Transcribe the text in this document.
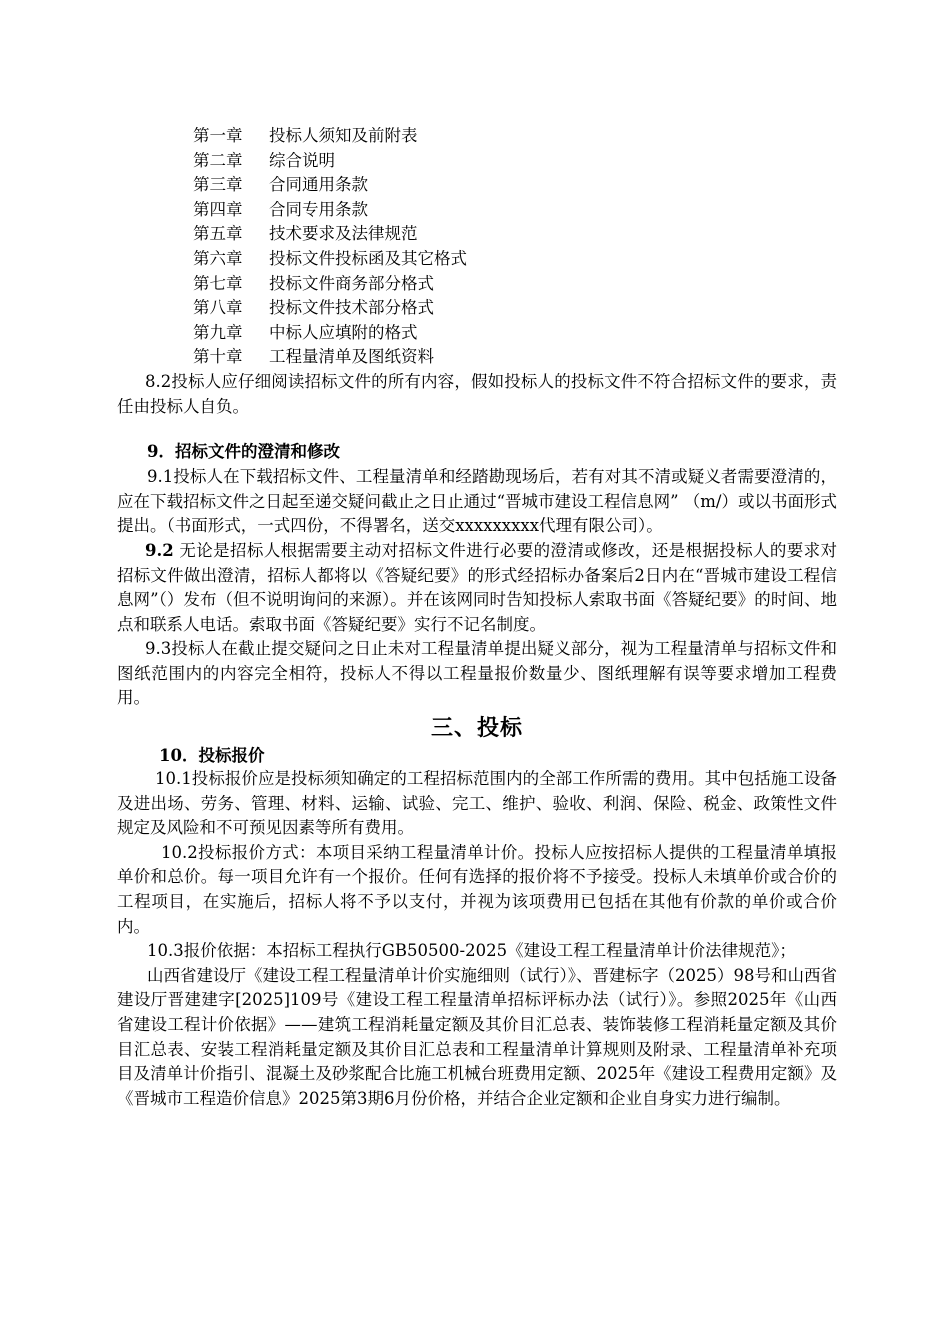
第一章 投标人须知及前附表
第二章 综合说明
第三章 合同通用条款
第四章 合同专用条款
第五章 技术要求及法律规范
第六章 投标文件投标函及其它格式
第七章 投标文件商务部分格式
第八章 投标文件技术部分格式
第九章 中标人应填附的格式
第十章 工程量清单及图纸资料

8.2投标人应仔细阅读招标文件的所有内容，假如投标人的投标文件不符合招标文件的要求，责任由投标人自负。

9．招标文件的澄清和修改

9.1投标人在下载招标文件、工程量清单和经踏勘现场后，若有对其不清或疑义者需要澄清的，应在下载招标文件之日起至递交疑问截止之日止通过“晋城市建设工程信息网” （m/）或以书面形式提出。（书面形式，一式四份，不得署名，送交xxxxxxxxx代理有限公司）。

9.2 无论是招标人根据需要主动对招标文件进行必要的澄清或修改，还是根据投标人的要求对招标文件做出澄清，招标人都将以《答疑纪要》的形式经招标办备案后2日内在“晋城市建设工程信息网”（）发布（但不说明询问的来源）。并在该网同时告知投标人索取书面《答疑纪要》的时间、地点和联系人电话。索取书面《答疑纪要》实行不记名制度。

9.3投标人在截止提交疑问之日止未对工程量清单提出疑义部分，视为工程量清单与招标文件和图纸范围内的内容完全相符，投标人不得以工程量报价数量少、图纸理解有误等要求增加工程费用。

三、投标
10．投标报价

10.1投标报价应是投标须知确定的工程招标范围内的全部工作所需的费用。其中包括施工设备及进出场、劳务、管理、材料、运输、试验、完工、维护、验收、利润、保险、税金、政策性文件规定及风险和不可预见因素等所有费用。

10.2投标报价方式：本项目采纳工程量清单计价。投标人应按招标人提供的工程量清单填报单价和总价。每一项目允许有一个报价。任何有选择的报价将不予接受。投标人未填单价或合价的工程项目，在实施后，招标人将不予以支付，并视为该项费用已包括在其他有价款的单价或合价内。

10.3报价依据：本招标工程执行GB50500-2025《建设工程工程量清单计价法律规范》；

山西省建设厅《建设工程工程量清单计价实施细则（试行）》、晋建标字（2025）98号和山西省建设厅晋建建字[2025]109号《建设工程工程量清单招标评标办法（试行）》。参照2025年《山西省建设工程计价依据》——建筑工程消耗量定额及其价目汇总表、装饰装修工程消耗量定额及其价目汇总表、安装工程消耗量定额及其价目汇总表和工程量清单计算规则及附录、工程量清单补充项目及清单计价指引、混凝土及砂浆配合比施工机械台班费用定额、2025年《建设工程费用定额》及《晋城市工程造价信息》2025第3期6月份价格，并结合企业定额和企业自身实力进行编制。
